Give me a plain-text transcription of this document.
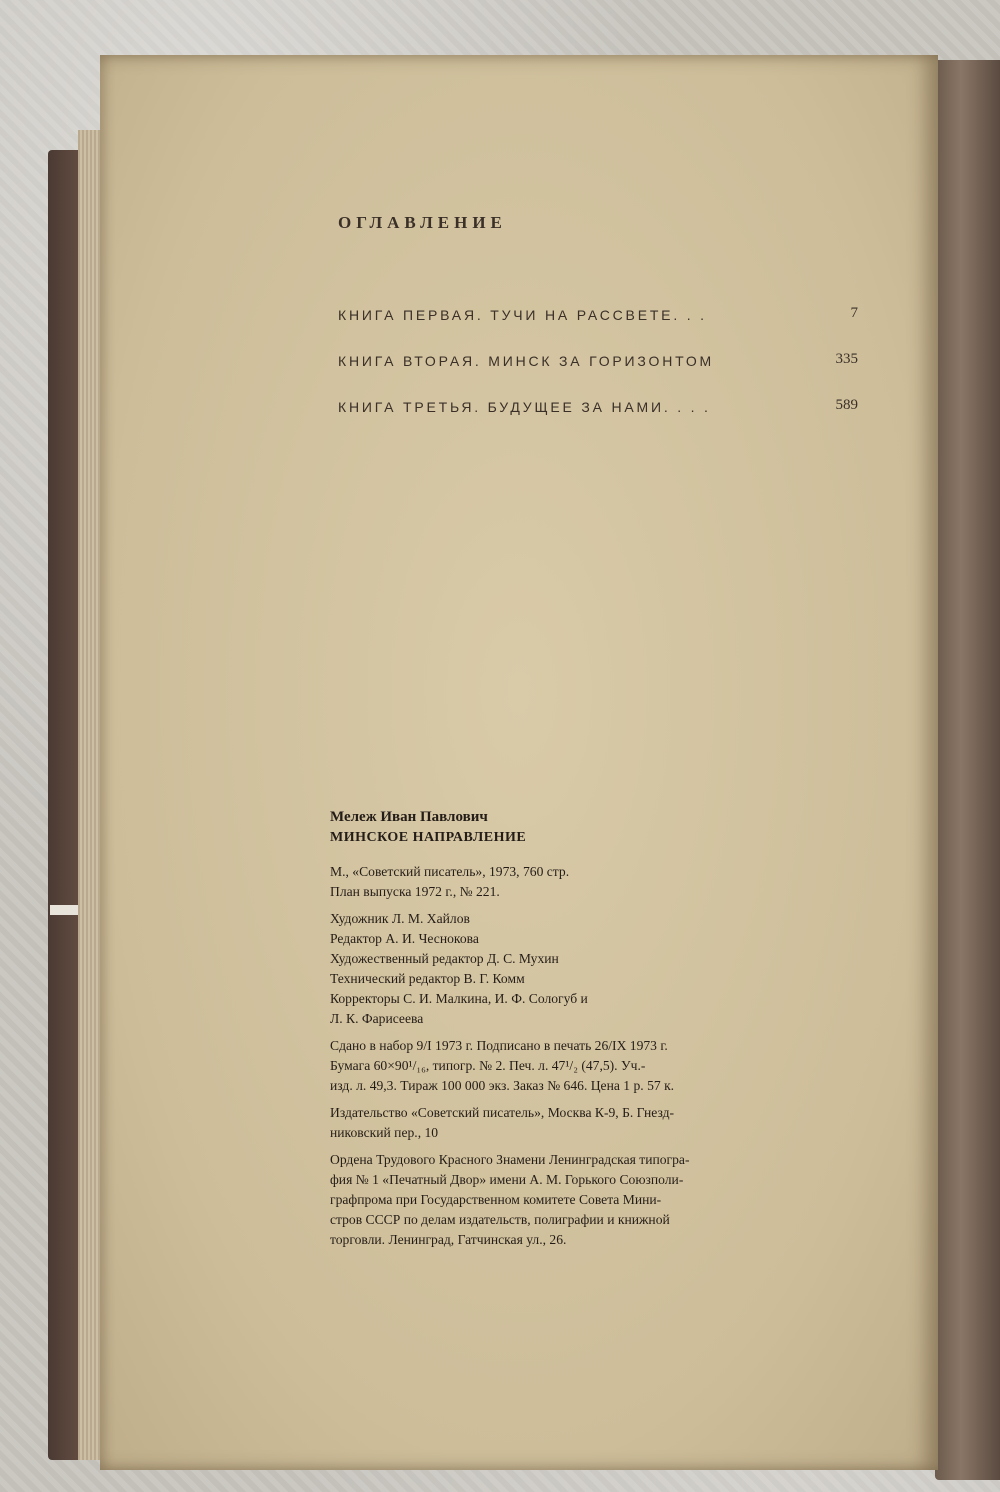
ОГЛАВЛЕНИЕ
КНИГА ПЕРВАЯ. ТУЧИ НА РАССВЕТЕ. . .	7
КНИГА ВТОРАЯ. МИНСК ЗА ГОРИЗОНТОМ	335
КНИГА ТРЕТЬЯ. БУДУЩЕЕ ЗА НАМИ. . . .	589
Мележ Иван Павлович
МИНСКОЕ НАПРАВЛЕНИЕ
М., «Советский писатель», 1973, 760 стр.
План выпуска 1972 г., № 221.
Художник Л. М. Хайлов
Редактор А. И. Чеснокова
Художественный редактор Д. С. Мухин
Технический редактор В. Г. Комм
Корректоры С. И. Малкина, И. Ф. Сологуб и
Л. К. Фарисеева
Сдано в набор 9/I 1973 г. Подписано в печать 26/IX 1973 г.
Бумага 60×90¹/₁₆, типогр. № 2. Печ. л. 47¹/₂ (47,5). Уч.-
изд. л. 49,3. Тираж 100 000 экз. Заказ № 646. Цена 1 р. 57 к.
Издательство «Советский писатель», Москва К-9, Б. Гнезд-
никовский пер., 10
Ордена Трудового Красного Знамени Ленинградская типогра-
фия № 1 «Печатный Двор» имени А. М. Горького Союзполи-
графпрома при Государственном комитете Совета Мини-
стров СССР по делам издательств, полиграфии и книжной
торговли. Ленинград, Гатчинская ул., 26.
